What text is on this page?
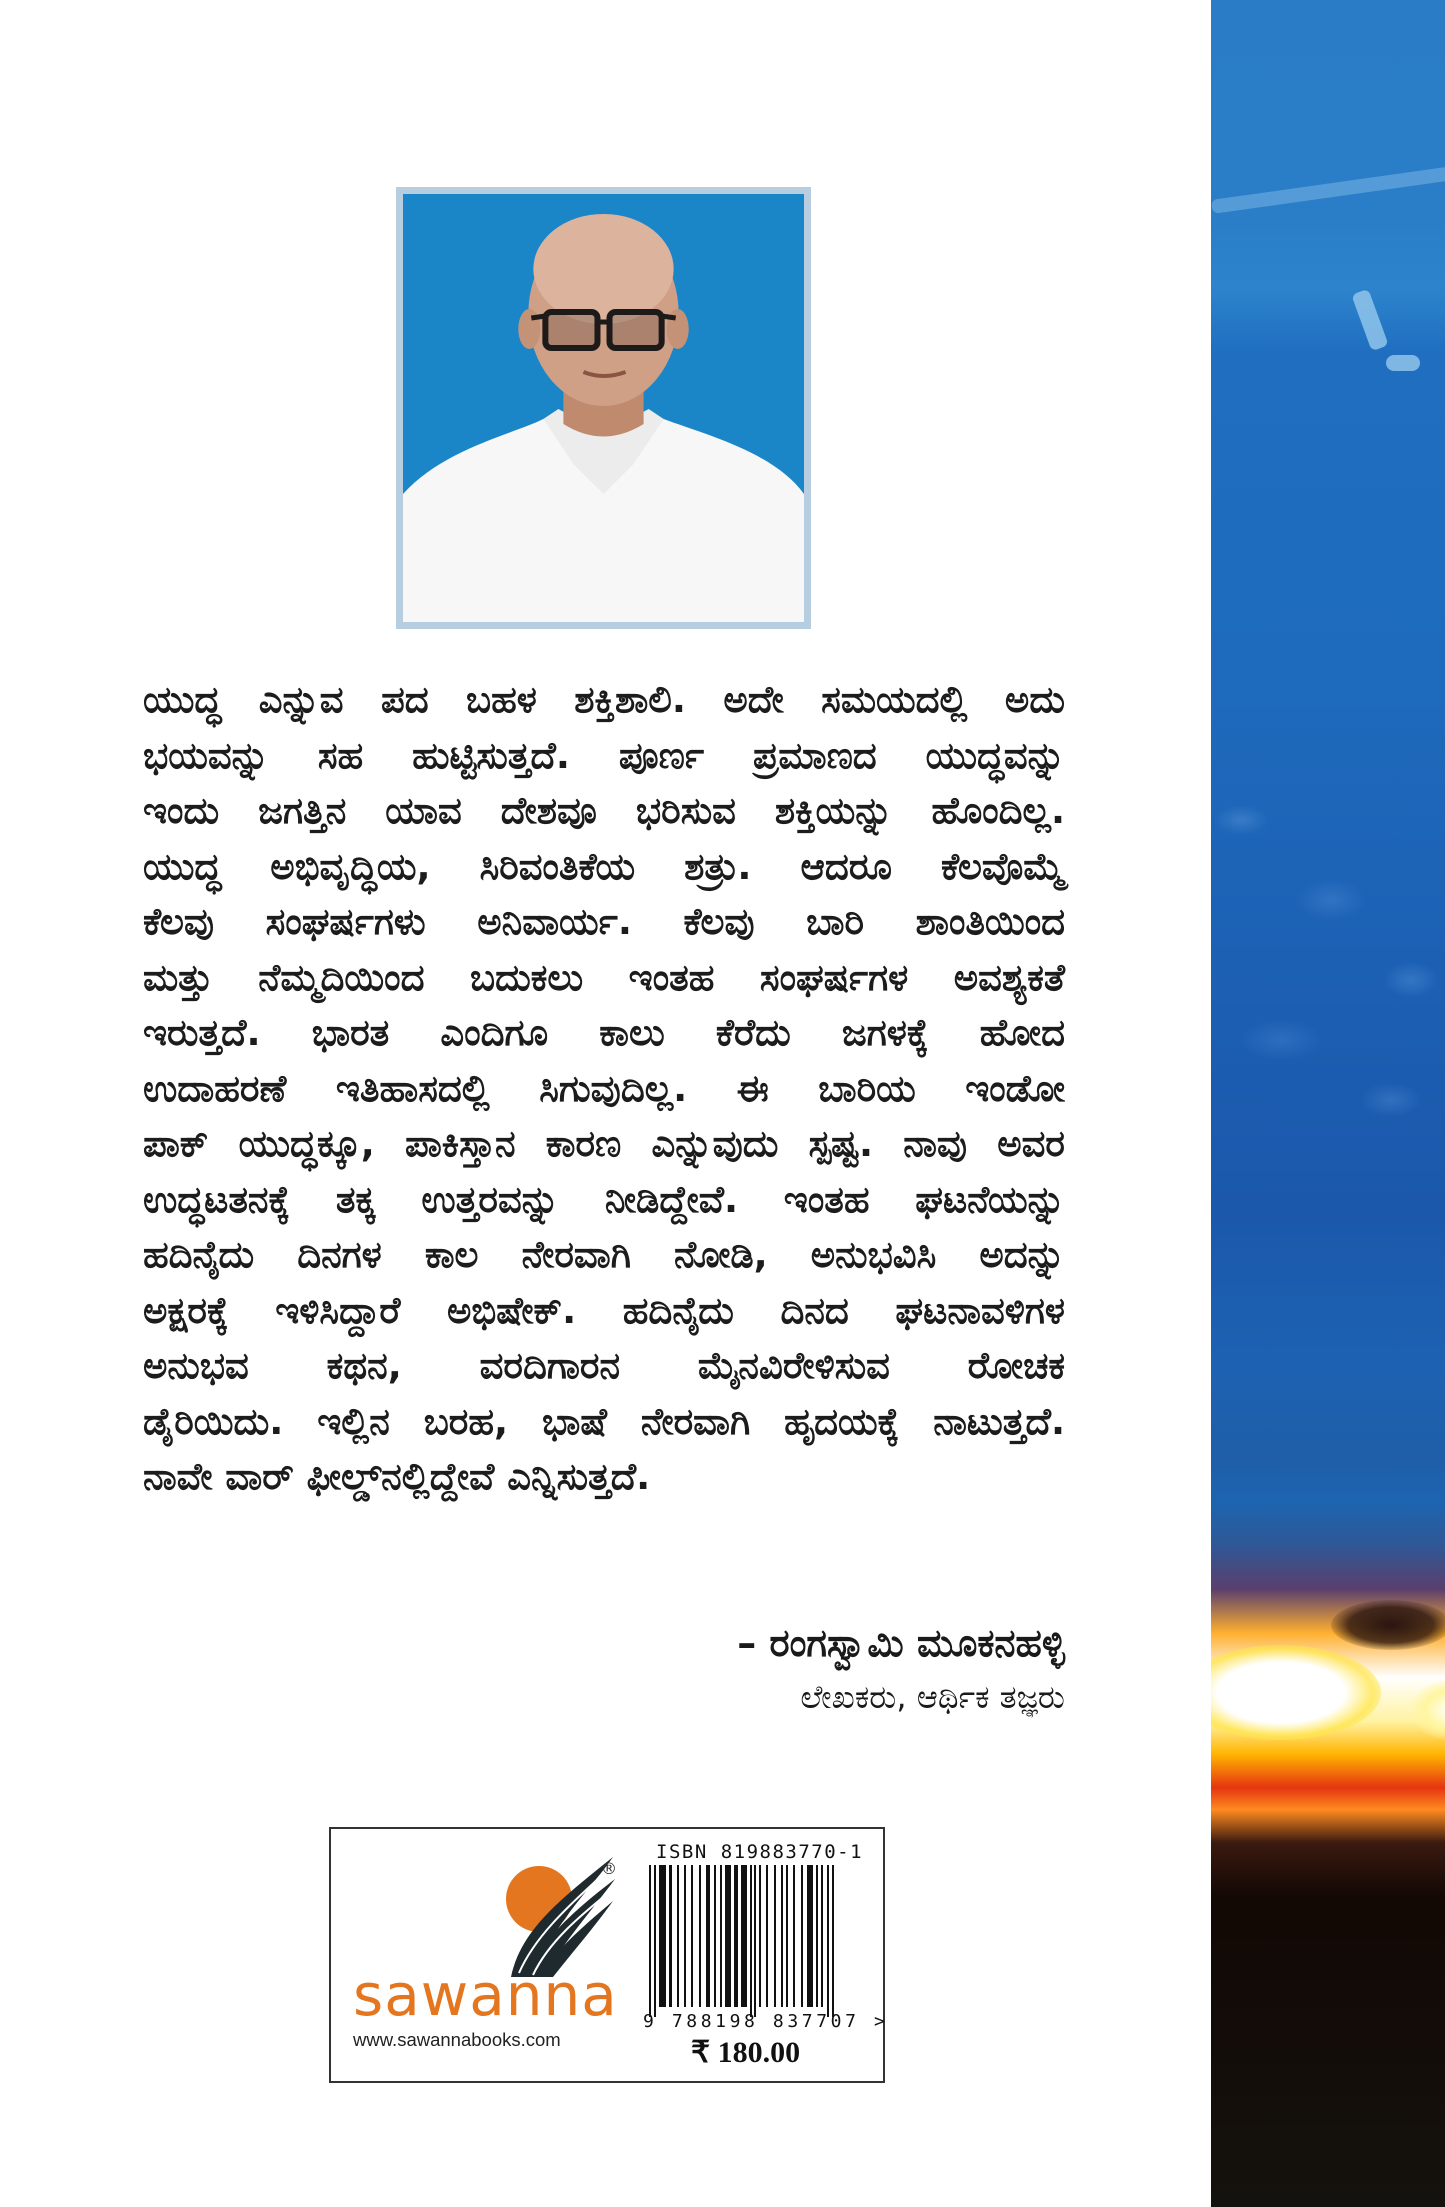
ಯುದ್ಧ ಎನ್ನುವ ಪದ ಬಹಳ ಶಕ್ತಿಶಾಲಿ. ಅದೇ ಸಮಯದಲ್ಲಿ ಅದು
ಭಯವನ್ನು ಸಹ ಹುಟ್ಟಿಸುತ್ತದೆ. ಪೂರ್ಣ ಪ್ರಮಾಣದ ಯುದ್ಧವನ್ನು
ಇಂದು ಜಗತ್ತಿನ ಯಾವ ದೇಶವೂ ಭರಿಸುವ ಶಕ್ತಿಯನ್ನು ಹೊಂದಿಲ್ಲ.
ಯುದ್ಧ ಅಭಿವೃದ್ಧಿಯ, ಸಿರಿವಂತಿಕೆಯ ಶತ್ರು. ಆದರೂ ಕೆಲವೊಮ್ಮೆ
ಕೆಲವು ಸಂಘರ್ಷಗಳು ಅನಿವಾರ್ಯ. ಕೆಲವು ಬಾರಿ ಶಾಂತಿಯಿಂದ
ಮತ್ತು ನೆಮ್ಮದಿಯಿಂದ ಬದುಕಲು ಇಂತಹ ಸಂಘರ್ಷಗಳ ಅವಶ್ಯಕತೆ
ಇರುತ್ತದೆ. ಭಾರತ ಎಂದಿಗೂ ಕಾಲು ಕೆರೆದು ಜಗಳಕ್ಕೆ ಹೋದ
ಉದಾಹರಣೆ ಇತಿಹಾಸದಲ್ಲಿ ಸಿಗುವುದಿಲ್ಲ. ಈ ಬಾರಿಯ ಇಂಡೋ
ಪಾಕ್ ಯುದ್ಧಕ್ಕೂ, ಪಾಕಿಸ್ತಾನ ಕಾರಣ ಎನ್ನುವುದು ಸ್ಪಷ್ಟ. ನಾವು ಅವರ
ಉದ್ಧಟತನಕ್ಕೆ ತಕ್ಕ ಉತ್ತರವನ್ನು ನೀಡಿದ್ದೇವೆ. ಇಂತಹ ಘಟನೆಯನ್ನು
ಹದಿನೈದು ದಿನಗಳ ಕಾಲ ನೇರವಾಗಿ ನೋಡಿ, ಅನುಭವಿಸಿ ಅದನ್ನು
ಅಕ್ಷರಕ್ಕೆ ಇಳಿಸಿದ್ದಾರೆ ಅಭಿಷೇಕ್. ಹದಿನೈದು ದಿನದ ಘಟನಾವಳಿಗಳ
ಅನುಭವ ಕಥನ, ವರದಿಗಾರನ ಮೈನವಿರೇಳಿಸುವ ರೋಚಕ
ಡೈರಿಯಿದು. ಇಲ್ಲಿನ ಬರಹ, ಭಾಷೆ ನೇರವಾಗಿ ಹೃದಯಕ್ಕೆ ನಾಟುತ್ತದೆ.
ನಾವೇ ವಾರ್ ಫೀಲ್ಡ್‌ನಲ್ಲಿದ್ದೇವೆ ಎನ್ನಿಸುತ್ತದೆ.
– ರಂಗಸ್ವಾಮಿ ಮೂಕನಹಳ್ಳಿ
ಲೇಖಕರು, ಆರ್ಥಿಕ ತಜ್ಞರು
®
sawanna
www.sawannabooks.com
ISBN 819883770-1
9 788198 837707 >
₹ 180.00
